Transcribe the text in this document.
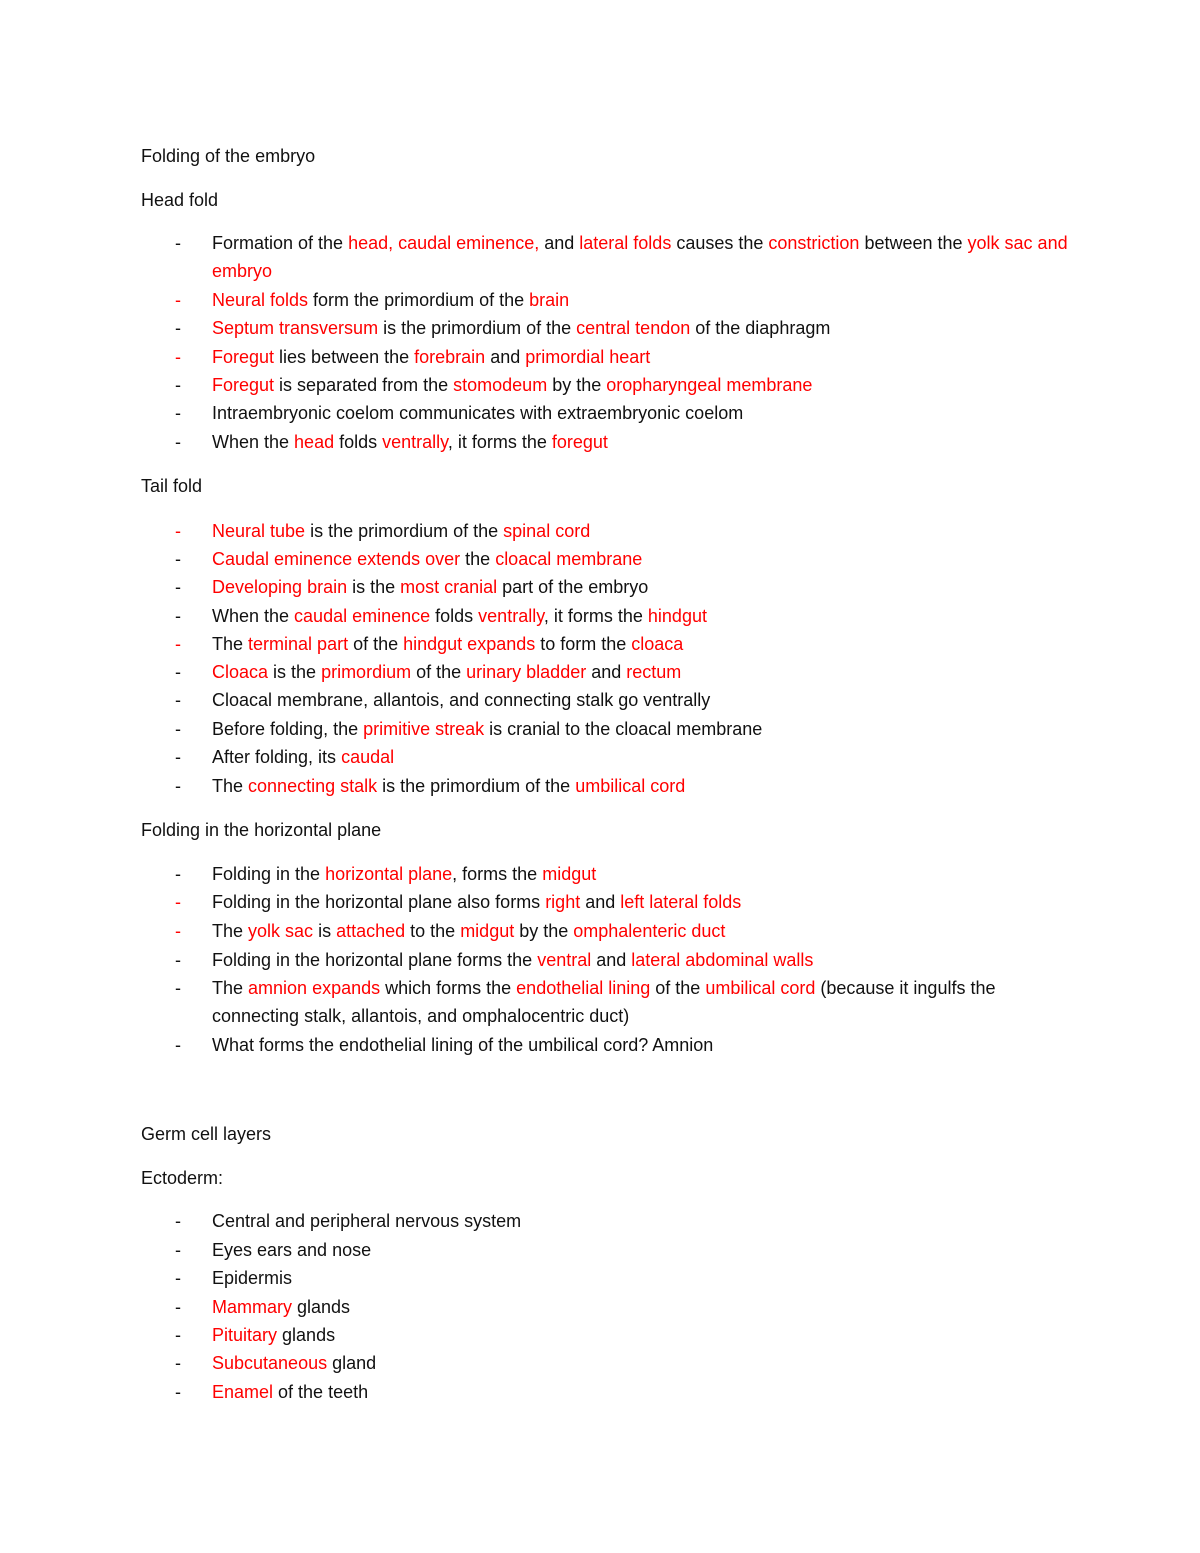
Folding of the embryo
Head fold
- Formation of the head, caudal eminence, and lateral folds causes the constriction between the yolk sac and embryo
- Neural folds form the primordium of the brain
- Septum transversum is the primordium of the central tendon of the diaphragm
- Foregut lies between the forebrain and primordial heart
- Foregut is separated from the stomodeum by the oropharyngeal membrane
- Intraembryonic coelom communicates with extraembryonic coelom
- When the head folds ventrally, it forms the foregut
Tail fold
- Neural tube is the primordium of the spinal cord
- Caudal eminence extends over the cloacal membrane
- Developing brain is the most cranial part of the embryo
- When the caudal eminence folds ventrally, it forms the hindgut
- The terminal part of the hindgut expands to form the cloaca
- Cloaca is the primordium of the urinary bladder and rectum
- Cloacal membrane, allantois, and connecting stalk go ventrally
- Before folding, the primitive streak is cranial to the cloacal membrane
- After folding, its caudal
- The connecting stalk is the primordium of the umbilical cord
Folding in the horizontal plane
- Folding in the horizontal plane, forms the midgut
- Folding in the horizontal plane also forms right and left lateral folds
- The yolk sac is attached to the midgut by the omphalenteric duct
- Folding in the horizontal plane forms the ventral and lateral abdominal walls
- The amnion expands which forms the endothelial lining of the umbilical cord (because it ingulfs the connecting stalk, allantois, and omphalocentric duct)
- What forms the endothelial lining of the umbilical cord? Amnion
Germ cell layers
Ectoderm:
- Central and peripheral nervous system
- Eyes ears and nose
- Epidermis
- Mammary glands
- Pituitary glands
- Subcutaneous gland
- Enamel of the teeth
